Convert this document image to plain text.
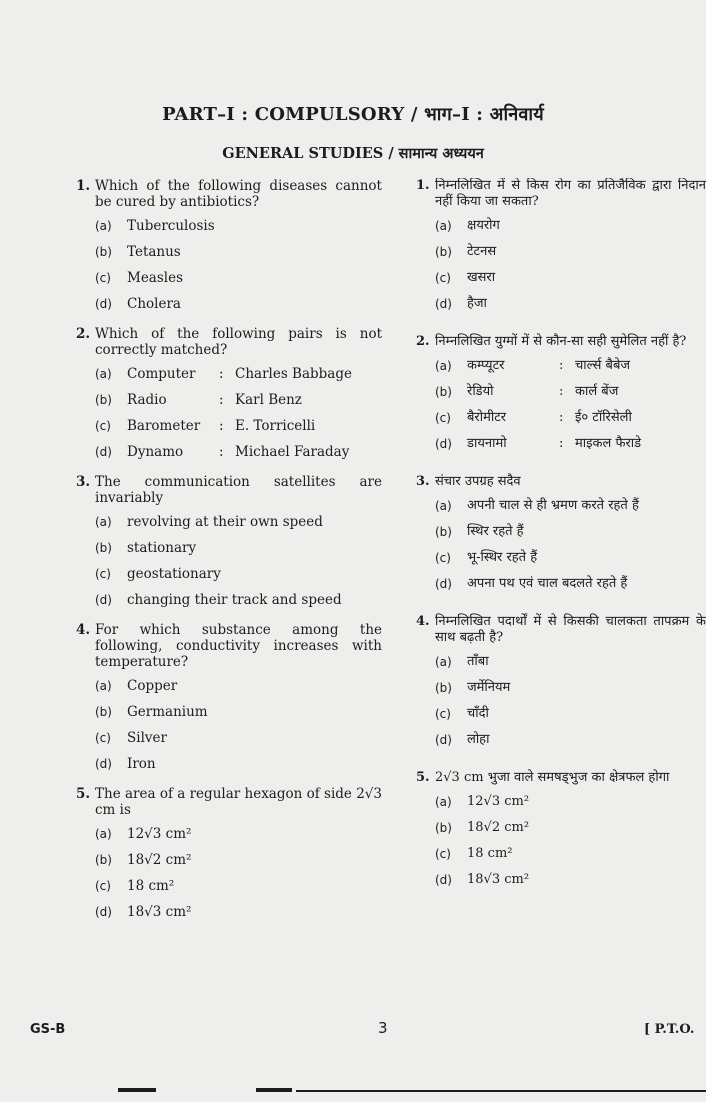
PART–I : COMPULSORY / भाग–I : अनिवार्य
GENERAL STUDIES / सामान्य अध्ययन
1. Which of the following diseases cannot be cured by antibiotics?
(a)	Tuberculosis
(b)	Tetanus
(c)	Measles
(d)	Cholera
2. Which of the following pairs is not correctly matched?
(a)	Computer	: Charles Babbage
(b)	Radio	: Karl Benz
(c)	Barometer	: E. Torricelli
(d)	Dynamo	: Michael Faraday
3. The communication satellites are invariably
(a)	revolving at their own speed
(b)	stationary
(c)	geostationary
(d)	changing their track and speed
4. For which substance among the following, conductivity increases with temperature?
(a)	Copper
(b)	Germanium
(c)	Silver
(d)	Iron
5. The area of a regular hexagon of side 2√3 cm is
(a)	12√3 cm²
(b)	18√2 cm²
(c)	18 cm²
(d)	18√3 cm²
1. निम्नलिखित में से किस रोग का प्रतिजैविक द्वारा निदान नहीं किया जा सकता?
(a)	क्षयरोग
(b)	टेटनस
(c)	खसरा
(d)	हैजा
2. निम्नलिखित युग्मों में से कौन-सा सही सुमेलित नहीं है?
(a)	कम्प्यूटर	: चार्ल्स बैबेज
(b)	रेडियो	: कार्ल बेंज
(c)	बैरोमीटर	: ई० टॉरिसेली
(d)	डायनामो	: माइकल फैराडे
3. संचार उपग्रह सदैव
(a)	अपनी चाल से ही भ्रमण करते रहते हैं
(b)	स्थिर रहते हैं
(c)	भू-स्थिर रहते हैं
(d)	अपना पथ एवं चाल बदलते रहते हैं
4. निम्नलिखित पदार्थों में से किसकी चालकता तापक्रम के साथ बढ़ती है?
(a)	ताँबा
(b)	जर्मेनियम
(c)	चाँदी
(d)	लोहा
5. 2√3 cm भुजा वाले समषड्भुज का क्षेत्रफल होगा
(a)	12√3 cm²
(b)	18√2 cm²
(c)	18 cm²
(d)	18√3 cm²
GS-B	3	[ P.T.O.
